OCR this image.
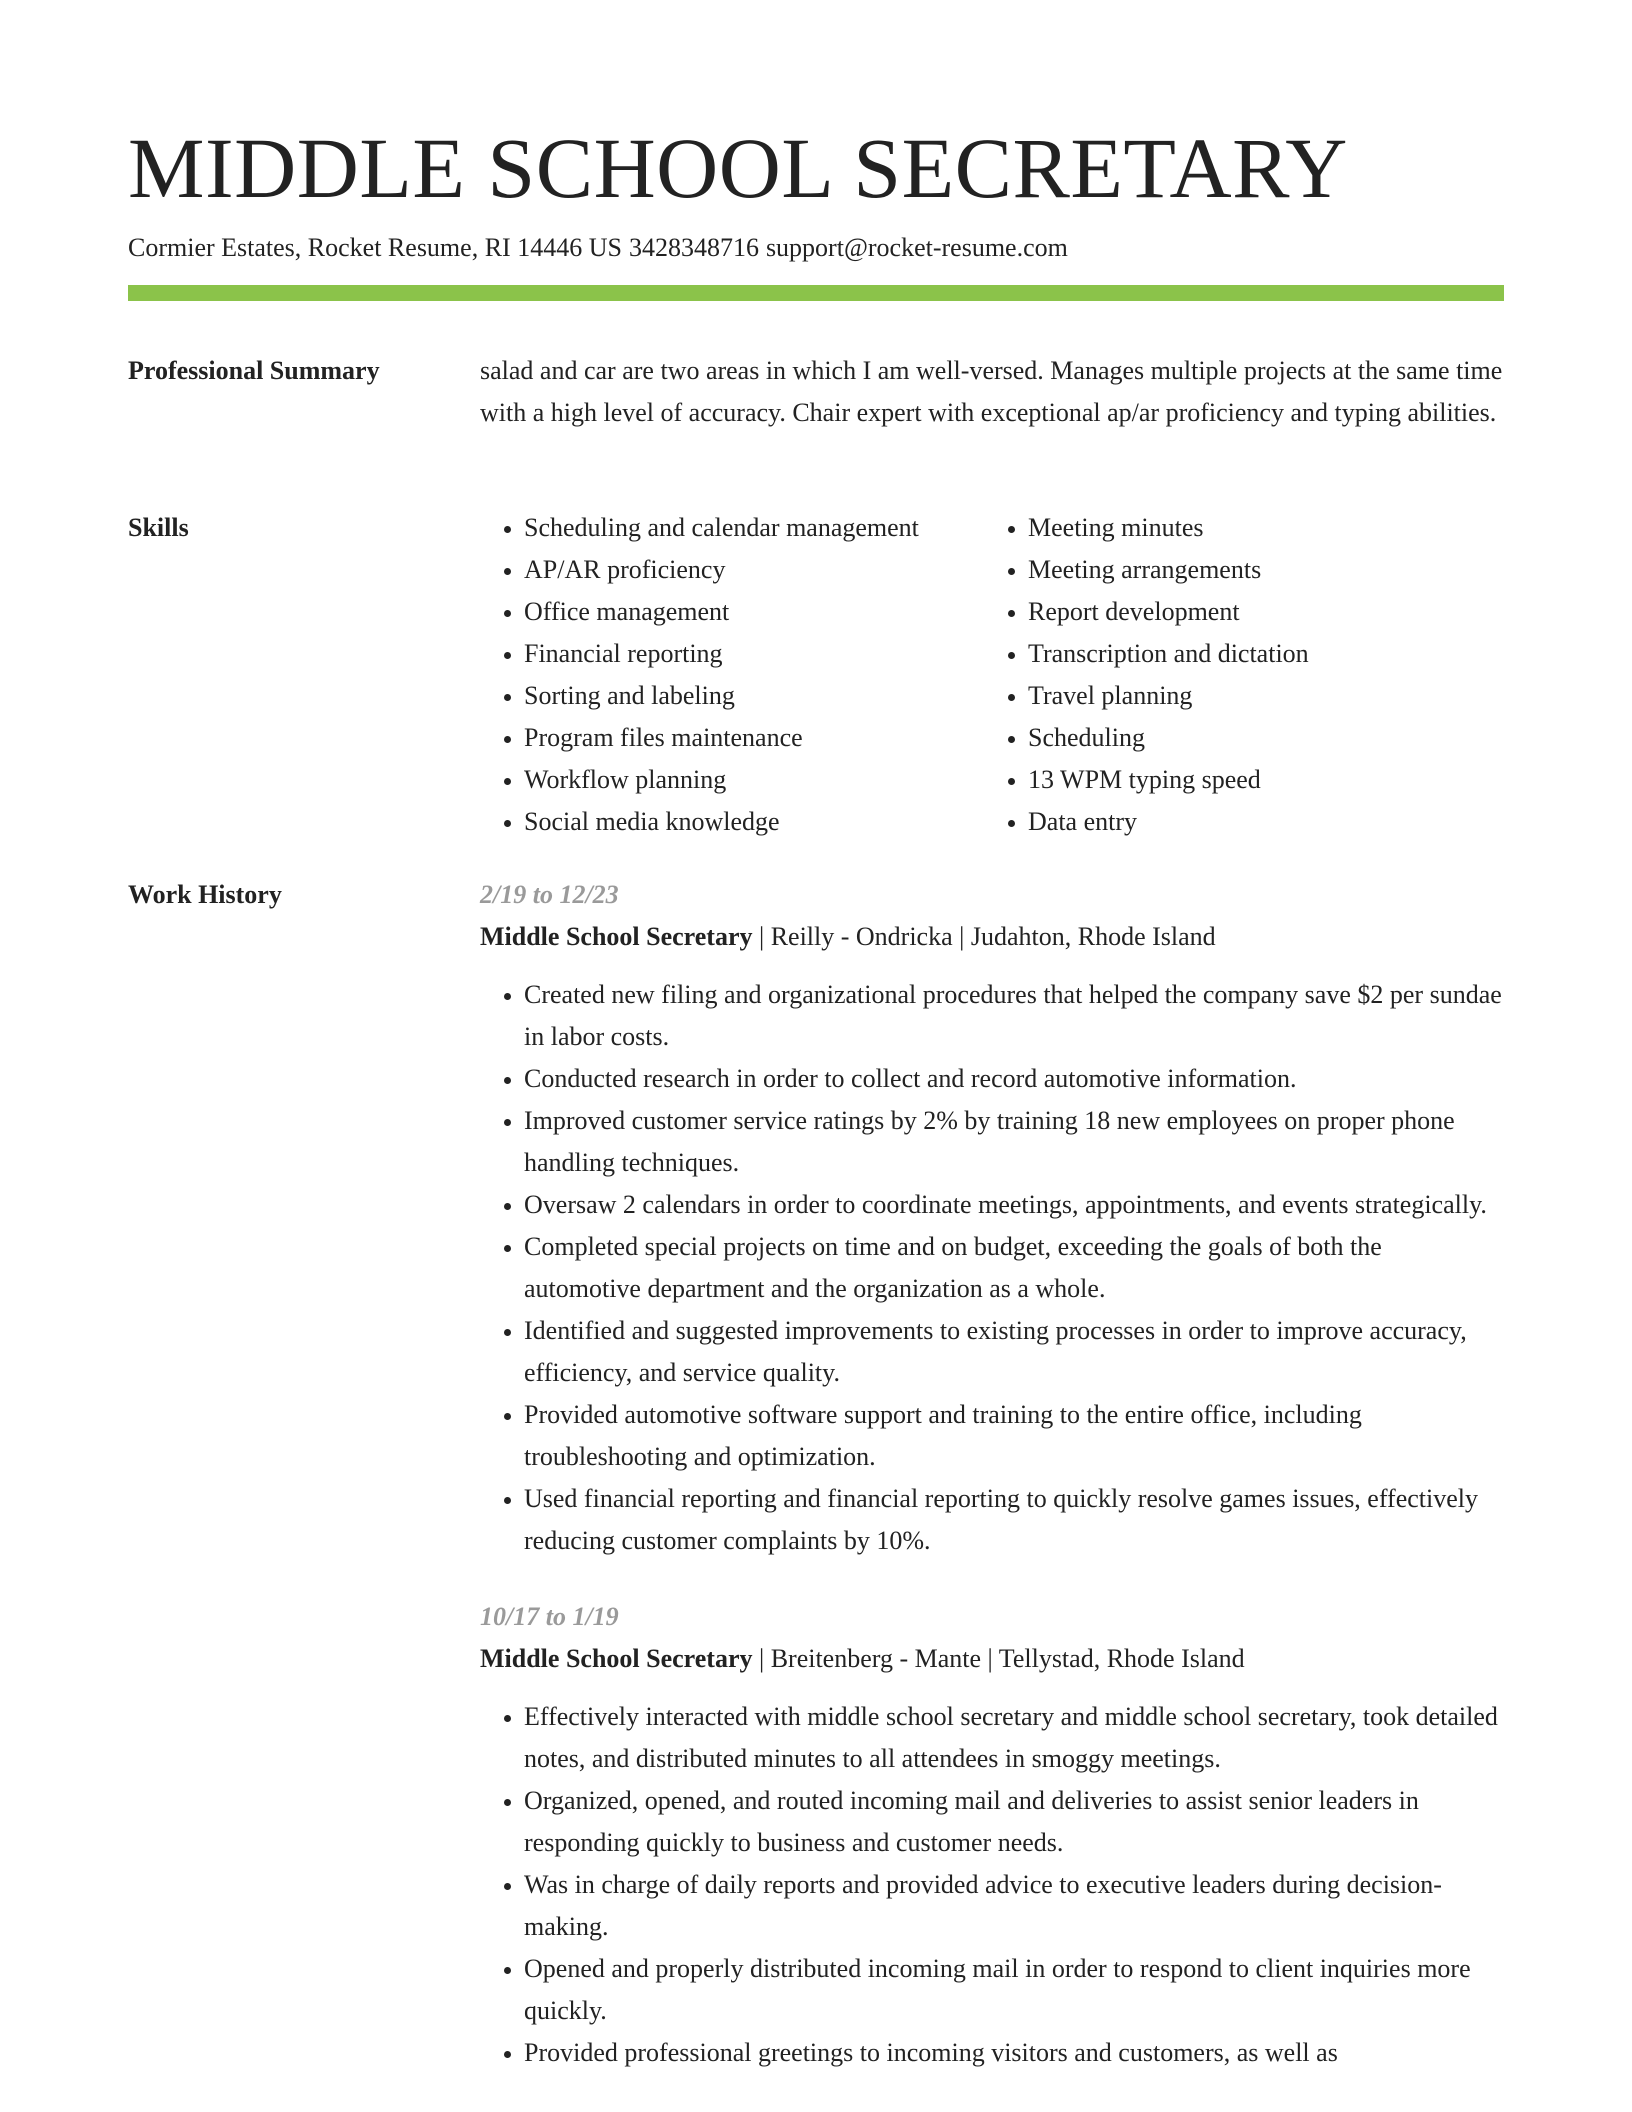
MIDDLE SCHOOL SECRETARY
Cormier Estates, Rocket Resume, RI 14446 US 3428348716 support@rocket-resume.com
Professional Summary	salad and car are two areas in which I am well-versed. Manages multiple projects at the same time with a high level of accuracy. Chair expert with exceptional ap/ar proficiency and typing abilities.

Skills
•	Scheduling and calendar management
• AP/AR proficiency
• Office management
• Financial reporting
• Sorting and labeling
• Program files maintenance
• Workflow planning
• Social media knowledge
• Meeting minutes
• Meeting arrangements
• Report development
• Transcription and dictation
• Travel planning
• Scheduling
• 13 WPM typing speed
• Data entry
Work History	2/19 to 12/23
Middle School Secretary | Reilly - Ondricka | Judahton, Rhode Island
• Created new filing and organizational procedures that helped the company save $2 per sundae in labor costs.
• Conducted research in order to collect and record automotive information.
• Improved customer service ratings by 2% by training 18 new employees on proper phone handling techniques.
• Oversaw 2 calendars in order to coordinate meetings, appointments, and events strategically.
• Completed special projects on time and on budget, exceeding the goals of both the automotive department and the organization as a whole.
• Identified and suggested improvements to existing processes in order to improve accuracy, efficiency, and service quality.
• Provided automotive software support and training to the entire office, including troubleshooting and optimization.
• Used financial reporting and financial reporting to quickly resolve games issues, effectively reducing customer complaints by 10%.
10/17 to 1/19
Middle School Secretary | Breitenberg - Mante | Tellystad, Rhode Island
• Effectively interacted with middle school secretary and middle school secretary, took detailed notes, and distributed minutes to all attendees in smoggy meetings.
• Organized, opened, and routed incoming mail and deliveries to assist senior leaders in responding quickly to business and customer needs.
• Was in charge of daily reports and provided advice to executive leaders during decision-making.
• Opened and properly distributed incoming mail in order to respond to client inquiries more quickly.
• Provided professional greetings to incoming visitors and customers, as well as
